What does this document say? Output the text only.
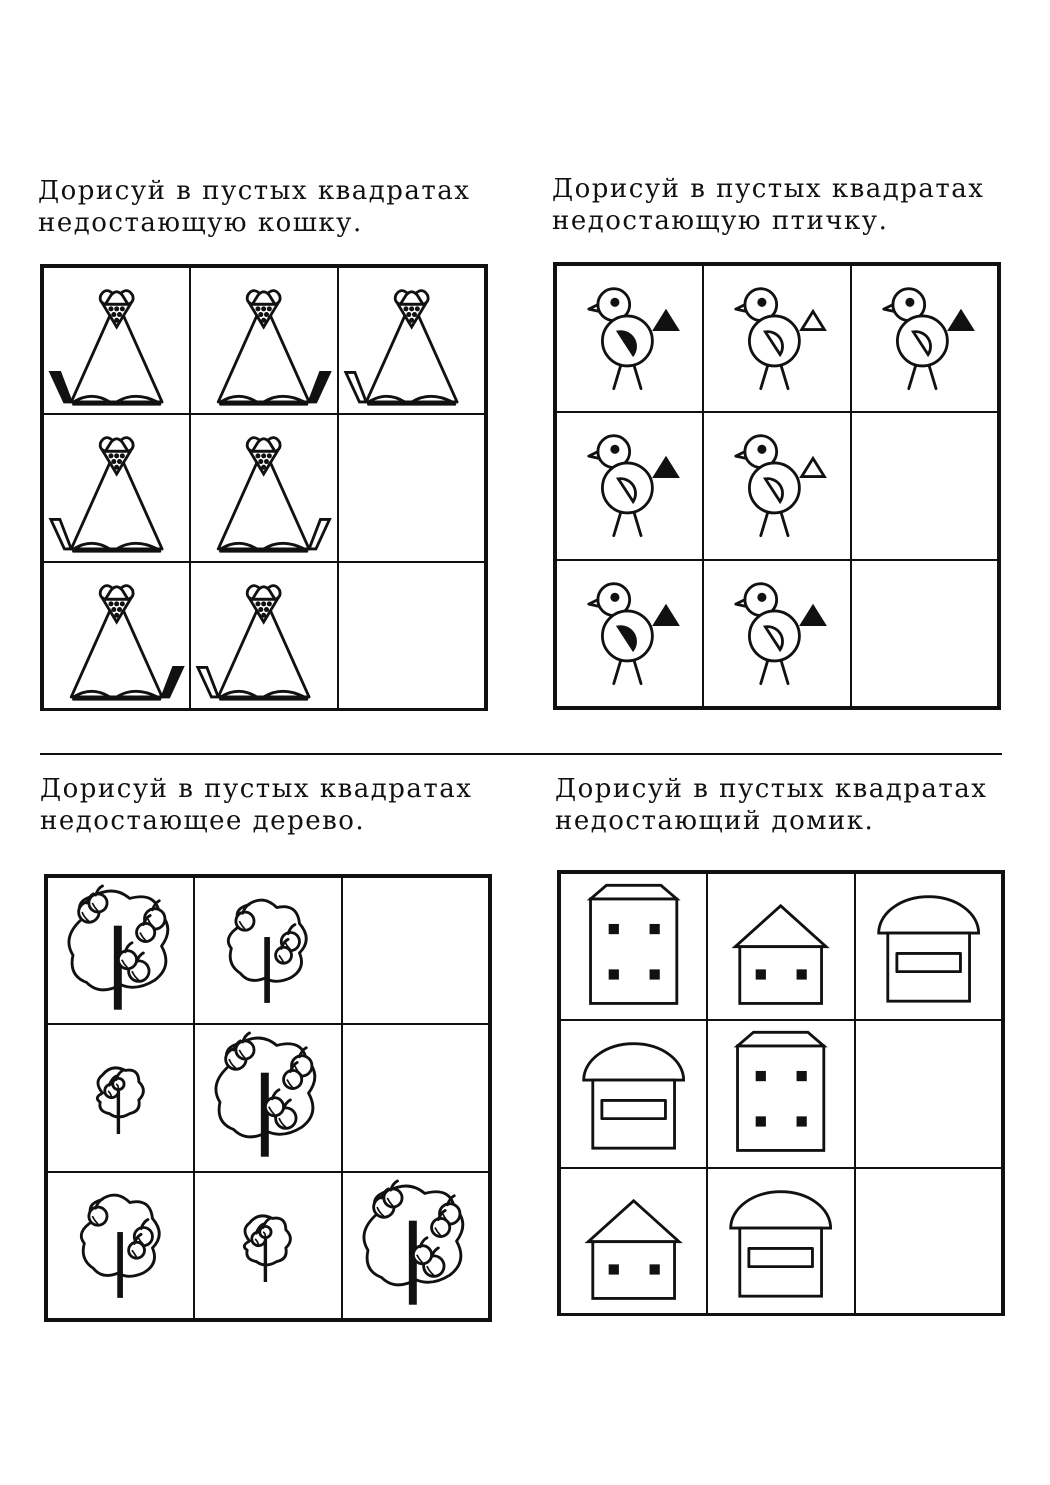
Дорисуй в пустых квадратах
недостающую кошку.
Дорисуй в пустых квадратах
недостающую птичку.
Дорисуй в пустых квадратах
недостающее дерево.
Дорисуй в пустых квадратах
недостающий домик.
